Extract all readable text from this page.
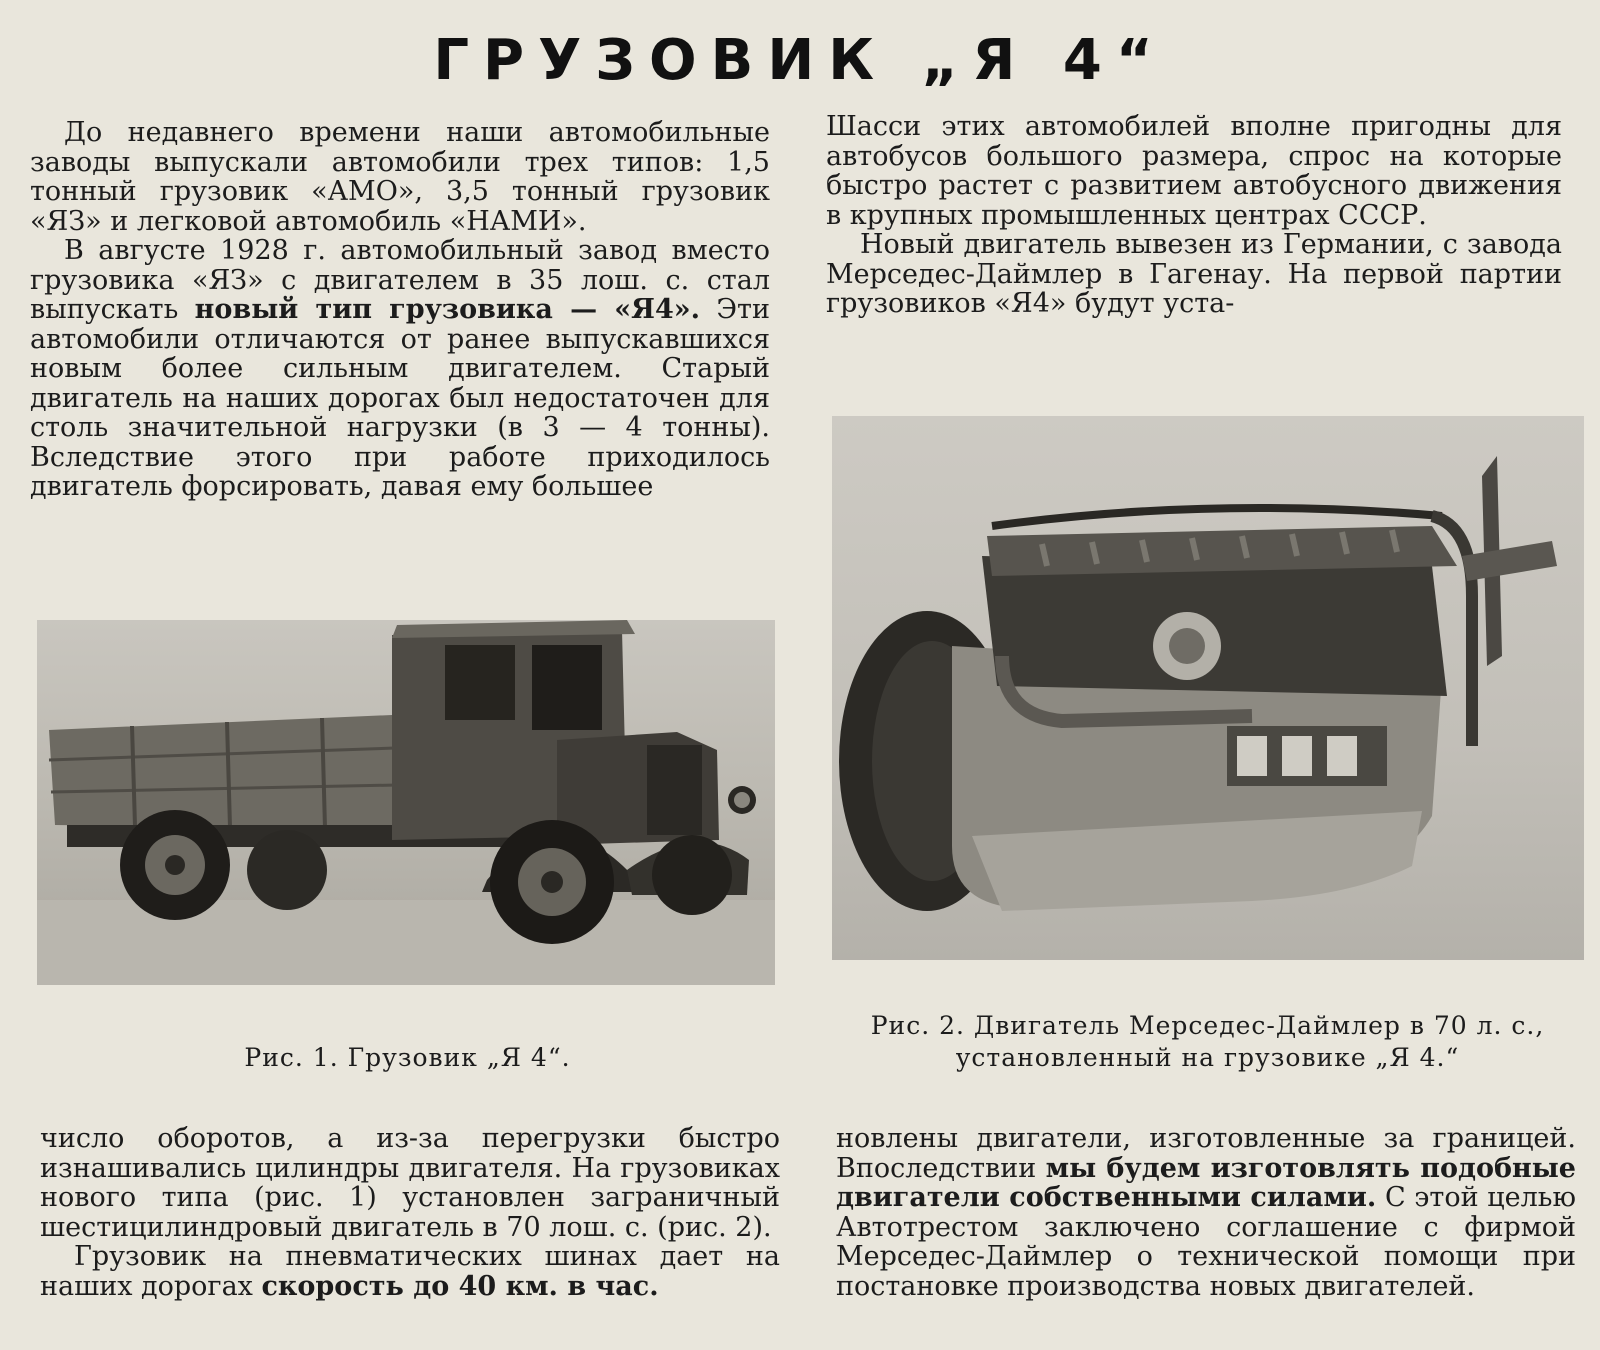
ГРУЗОВИК „Я 4“

До недавнего времени наши автомобильные заводы выпускали автомобили трех типов: 1,5 тонный грузовик «АМО», 3,5 тонный грузовик «ЯЗ» и легковой автомобиль «НАМИ».

В августе 1928 г. автомобильный завод вместо грузовика «ЯЗ» с двигателем в 35 лош. с. стал выпускать новый тип грузовика — «Я4». Эти автомобили отличаются от ранее выпускавшихся новым более сильным двигателем. Старый двигатель на наших дорогах был недостаточен для столь значительной нагрузки (в 3 — 4 тонны). Вследствие этого при работе приходилось двигатель форсировать, давая ему большее

Шасси этих автомобилей вполне пригодны для автобусов большого размера, спрос на которые быстро растет с развитием автобусного движения в крупных промышленных центрах СССР.

Новый двигатель вывезен из Германии, с завода Мерседес-Даймлер в Гагенау. На первой партии грузовиков «Я4» будут уста-

Рис. 1. Грузовик „Я 4“.
Рис. 2. Двигатель Мерседес-Даймлер в 70 л. с.,
установленный на грузовике „Я 4.“

число оборотов, а из-за перегрузки быстро изнашивались цилиндры двигателя. На грузовиках нового типа (рис. 1) установлен заграничный шестицилиндровый двигатель в 70 лош. с. (рис. 2).

Грузовик на пневматических шинах дает на наших дорогах скорость до 40 км. в час.

новлены двигатели, изготовленные за границей. Впоследствии мы будем изготовлять подобные двигатели собственными силами. С этой целью Автотрестом заключено соглашение с фирмой Мерседес-Даймлер о технической помощи при постановке производства новых двигателей.
